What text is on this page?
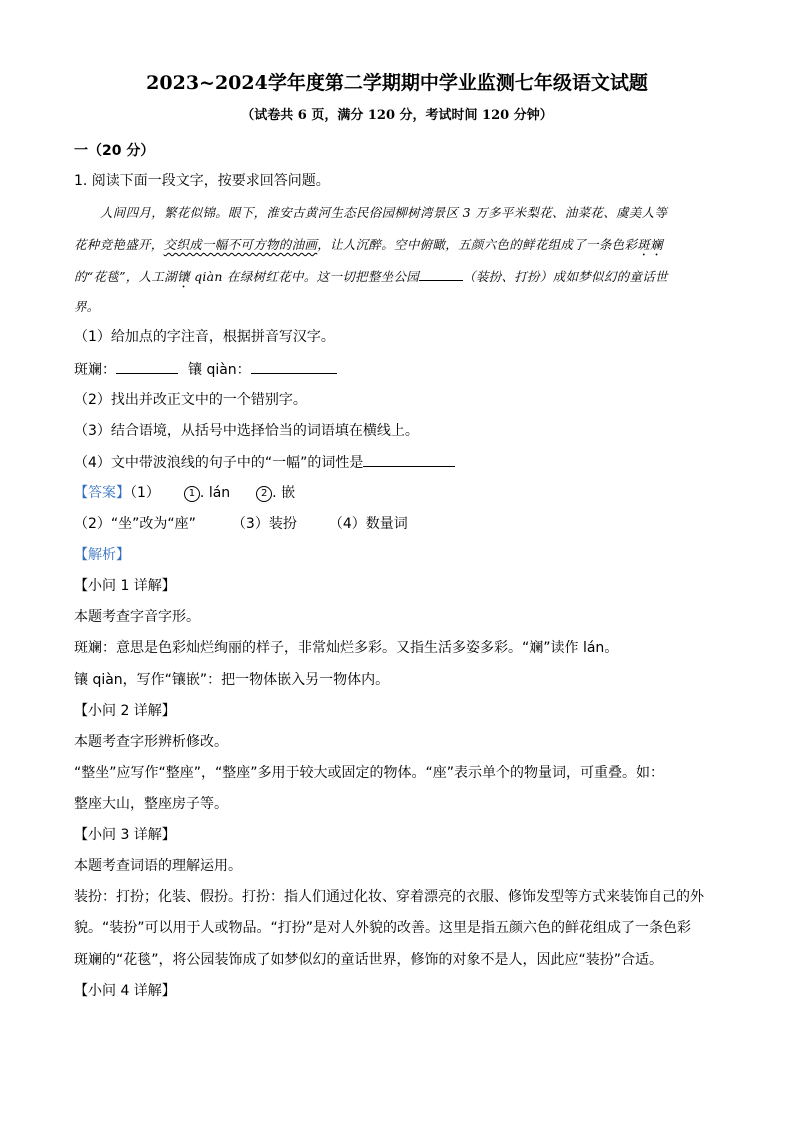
2023~2024学年度第二学期期中学业监测七年级语文试题
（试卷共 6 页，满分 120 分，考试时间 120 分钟）
一（20 分）
1. 阅读下面一段文字，按要求回答问题。
人间四月，繁花似锦。眼下，淮安古黄河生态民俗园柳树湾景区 3 万多平米梨花、油菜花、虞美人等
花种竞艳盛开，交织成一幅不可方物的油画，让人沉醉。空中俯瞰，五颜六色的鲜花组成了一条色彩斑斓
的“花毯”，人工湖镶 qiàn 在绿树红花中。这一切把整坐公园	（装扮、打扮）成如梦似幻的童话世
界。
（1）给加点的字注音，根据拼音写汉字。
斑斓：	镶 qiàn：
（2）找出并改正文中的一个错别字。
（3）结合语境，从括号中选择恰当的词语填在横线上。
（4）文中带波浪线的句子中的“一幅”的词性是
【答案】（1）	1 . lán	2 . 嵌
（2）“坐”改为“座”	（3）装扮 （4）数量词
【解析】
【小问 1 详解】
本题考查字音字形。
斑斓：意思是色彩灿烂绚丽的样子，非常灿烂多彩。又指生活多姿多彩。“斓”读作 lán。
镶 qiàn，写作“镶嵌”：把一物体嵌入另一物体内。
【小问 2 详解】
本题考查字形辨析修改。
“整坐”应写作“整座”，“整座”多用于较大或固定的物体。“座”表示单个的物量词，可重叠。如：
整座大山，整座房子等。
【小问 3 详解】
本题考查词语的理解运用。
装扮：打扮；化装、假扮。打扮：指人们通过化妆、穿着漂亮的衣服、修饰发型等方式来装饰自己的外
貌。“装扮”可以用于人或物品。“打扮”是对人外貌的改善。这里是指五颜六色的鲜花组成了一条色彩
斑斓的“花毯”，将公园装饰成了如梦似幻的童话世界，修饰的对象不是人，因此应“装扮”合适。
【小问 4 详解】
